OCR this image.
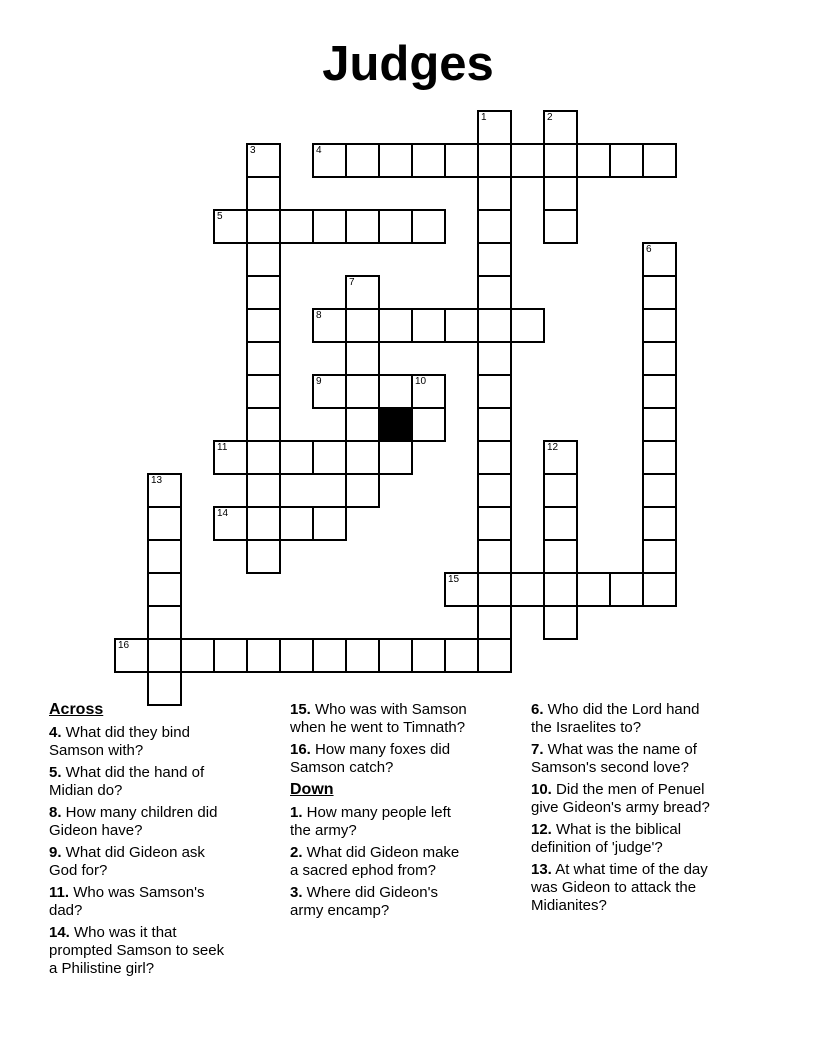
Judges
1	2
3	4
5
6
7
8
9	10
11	12
13
14
15
16

Across

4. What did they bind Samson with?

5. What did the hand of Midian do?

8. How many children did Gideon have?

9. What did Gideon ask God for?

11. Who was Samson's dad?

14. Who was it that prompted Samson to seek a Philistine girl?

15. Who was with Samson when he went to Timnath?

16. How many foxes did Samson catch?

Down

1. How many people left the army?

2. What did Gideon make a sacred ephod from?

3. Where did Gideon's army encamp?

6. Who did the Lord hand the Israelites to?

7. What was the name of Samson's second love?

10. Did the men of Penuel give Gideon's army bread?

12. What is the biblical definition of 'judge'?

13. At what time of the day was Gideon to attack the Midianites?
